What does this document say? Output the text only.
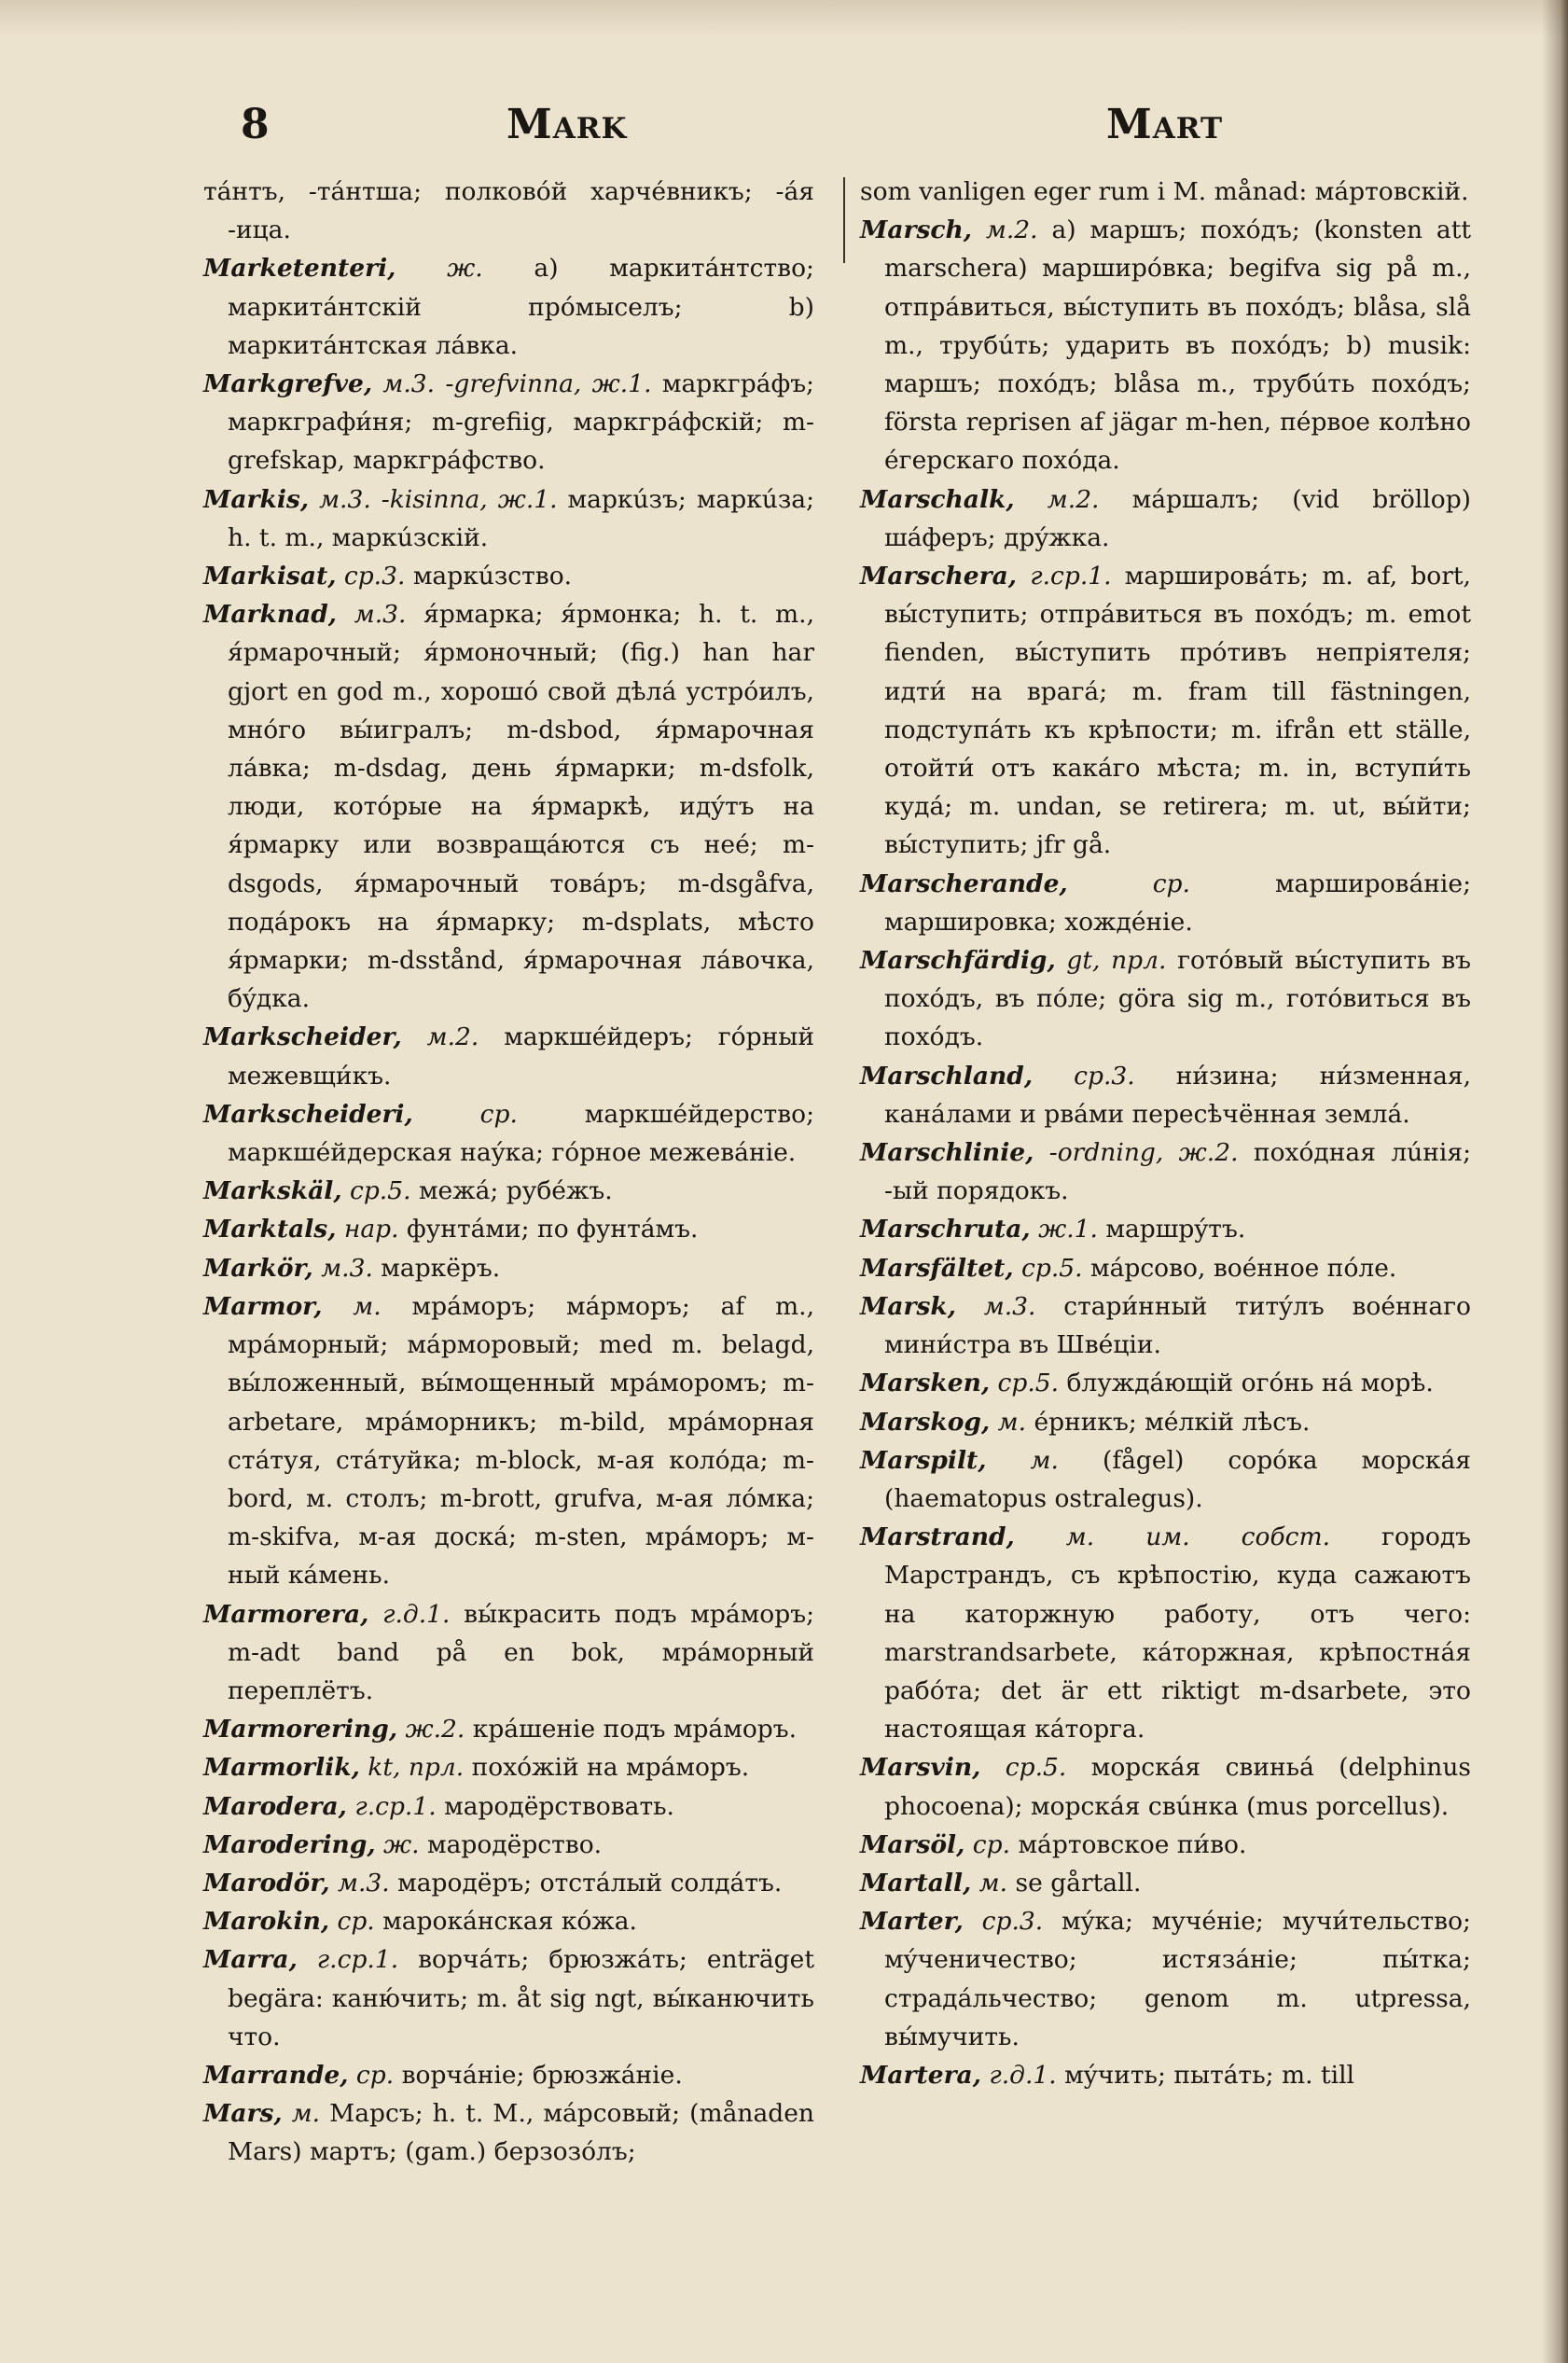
8	Mark	Mart

тáнтъ, -тáнтша; полковóй харчéвникъ; -áя -ица.

Marketenteri, ж. а) маркитáнтство; маркитáнтскій прóмыселъ; b) маркитáнтская лáвка.

Markgrefve, м.3. -grefvinna, ж.1. маркгрáфъ; маркграфи́ня; m-grefiig, маркгрáфскій; m-grefskap, маркгрáфство.

Markis, м.3. -kisinna, ж.1. маркúзъ; маркúза; h. t. m., маркúзскій.

Markisat, ср.3. маркúзство.

Marknad, м.3. я́рмарка; я́рмонка; h. t. m., я́рмарочный; я́рмоночный; (fig.) han har gjort en god m., хорошó свой дѣлá устрóилъ, мнóго вы́игралъ; m-dsbod, я́рмарочная лáвка; m-dsdag, день я́рмарки; m-dsfolk, люди, котóрые на я́рмаркѣ, идýтъ на я́рмарку или возвращáются съ неé; m-dsgods, я́рмарочный товáръ; m-dsgåfva, подáрокъ на я́рмарку; m-dsplats, мѣсто я́рмарки; m-dsstånd, я́рмарочная лáвочка, бýдка.

Markscheider, м.2. маркшéйдеръ; гóрный межевщи́къ.

Markscheideri, ср. маркшéйдерство; маркшéйдерская наýка; гóрное межевáніе.

Markskäl, ср.5. межá; рубéжъ.

Marktals, нар. фунтáми; по фунтáмъ.

Markör, м.3. маркёръ.

Marmor, м. мрáморъ; мáрморъ; af m., мрáморный; мáрморовый; med m. belagd, вы́ложенный, вы́мощенный мрáморомъ; m-arbetare, мрáморникъ; m-bild, мрáморная стáтуя, стáтуйка; m-block, м-ая колóда; m-bord, м. столъ; m-brott, grufva, м-ая лóмка; m-skifva, м-ая доскá; m-sten, мрáморъ; м-ный кáмень.

Marmorera, г.д.1. вы́красить подъ мрáморъ; m-adt band på en bok, мрáморный переплётъ.

Marmorering, ж.2. крáшеніе подъ мрáморъ.

Marmorlik, kt, прл. похóжій на мрáморъ.

Marodera, г.ср.1. мародёрствовать.

Marodering, ж. мародёрство.

Marodör, м.3. мародёръ; отстáлый солдáтъ.

Marokin, ср. марокáнская кóжа.

Marra, г.ср.1. ворчáть; брюзжáть; enträget begära: каню́чить; m. åt sig ngt, вы́канючить что.

Marrande, ср. ворчáніе; брюзжáніе.

Mars, м. Марсъ; h. t. M., мáрсовый; (månaden Mars) мартъ; (gam.) берзозóлъ;

som vanligen eger rum i M. månad: мáртовскій.

Marsch, м.2. а) маршъ; похóдъ; (konsten att marschera) марширóвка; begifva sig på m., отпрáвиться, вы́ступить въ похóдъ; blåsa, slå m., трубúть; ударить въ похóдъ; b) musik: маршъ; похóдъ; blåsa m., трубúть похóдъ; första reprisen af jägar m-hen, пéрвое колѣно éгерскаго похóда.

Marschalk, м.2. мáршалъ; (vid bröllop) шáферъ; дрýжка.

Marschera, г.ср.1. маршировáть; m. af, bort, вы́ступить; отпрáвиться въ похóдъ; m. emot fienden, вы́ступить прóтивъ непріятеля; идти́ на врагá; m. fram till fästningen, подступáть къ крѣпости; m. ifrån ett ställe, отойти́ отъ какáго мѣста; m. in, вступи́ть кудá; m. undan, se retirera; m. ut, вы́йти; вы́ступить; jfr gå.

Marscherande, ср. маршировáніе; маршировка; хождéніе.

Marschfärdig, gt, прл. готóвый вы́ступить въ похóдъ, въ пóле; göra sig m., готóвиться въ похóдъ.

Marschland, ср.3. ни́зина; ни́зменная, канáлами и рвáми пересѣчённая землá.

Marschlinie, -ordning, ж.2. похóдная лúнія; -ый порядокъ.

Marschruta, ж.1. маршрýтъ.

Marsfältet, ср.5. мáрсово, воéнное пóле.

Marsk, м.3. стари́нный титýлъ воéннаго мини́стра въ Швéціи.

Marsken, ср.5. блуждáющій огóнь нá морѣ.

Marskog, м. éрникъ; мéлкій лѣсъ.

Marspilt, м. (fågel) сорóка морскáя (haematopus ostralegus).

Marstrand, м. им. собст. городъ Марстрандъ, съ крѣпостію, куда сажаютъ на каторжную работу, отъ чего: marstrandsarbete, кáторжная, крѣпостнáя рабóта; det är ett riktigt m-dsarbete, это настоящая кáторга.

Marsvin, ср.5. морскáя свиньá (delphinus phocoena); морскáя свúнка (mus porcellus).

Marsöl, ср. мáртовское пи́во.

Martall, м. se gårtall.

Marter, ср.3. мýка; мучéніе; мучи́тельство; мýченичество; истязáніе; пы́тка; страдáльчество; genom m. utpressa, вы́мучить.

Martera, г.д.1. мýчить; пытáть; m. till
